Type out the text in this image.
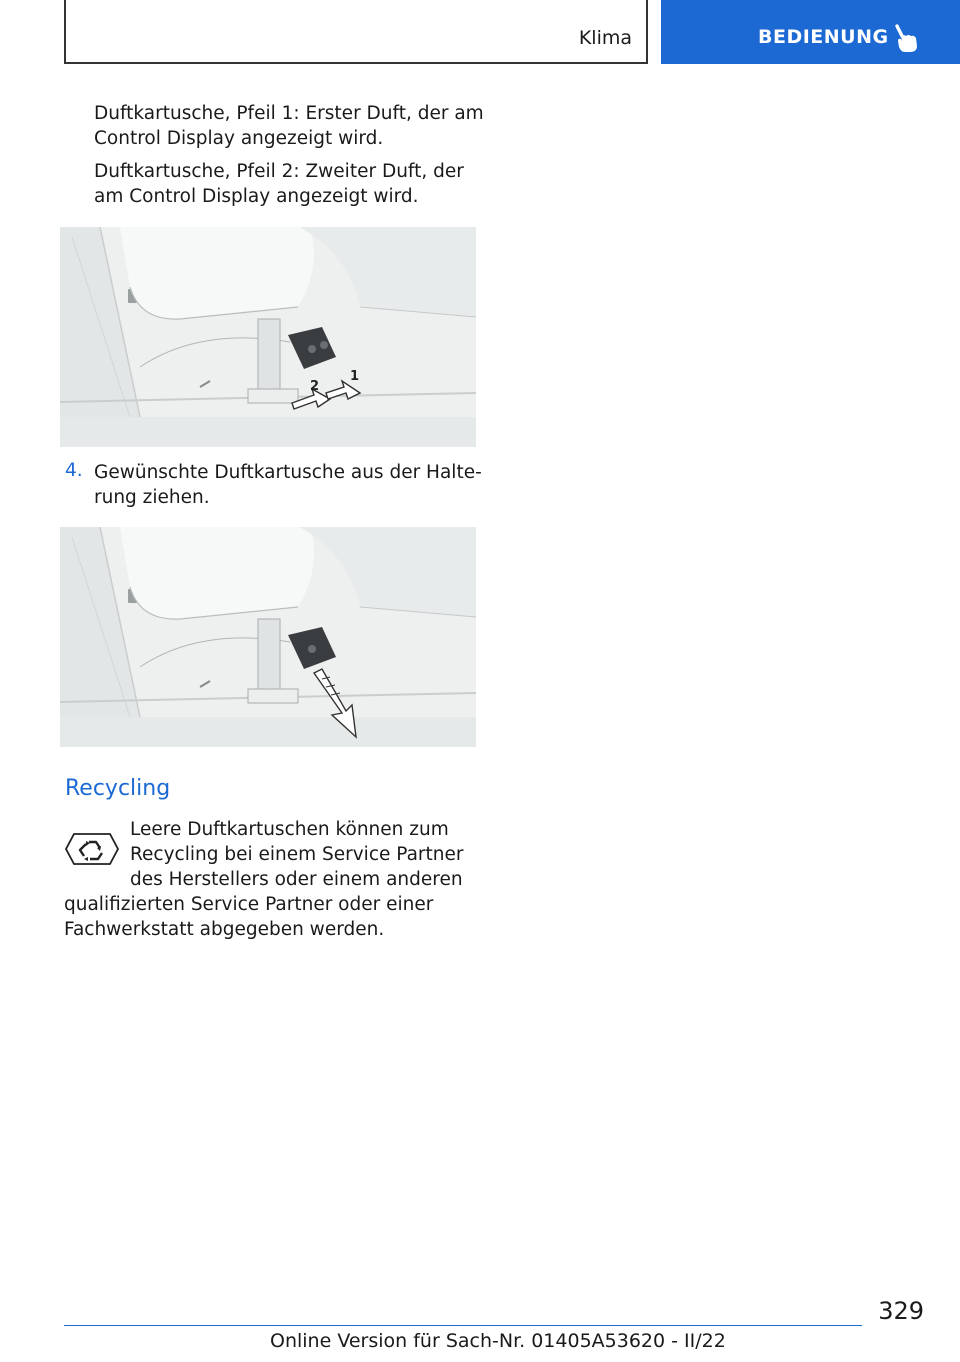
Klima	BEDIENUNG

Duftkartusche, Pfeil 1: Erster Duft, der am Control Display angezeigt wird.

Duftkartusche, Pfeil 2: Zweiter Duft, der am Control Display angezeigt wird.

2
1
4. Gewünschte Duftkartusche aus der Halterung ziehen.

Recycling

Leere Duftkartuschen können zum Recycling bei einem Service Partner des Herstellers oder einem anderen qualifizierten Service Partner oder einer Fachwerkstatt abgegeben werden.

329
Online Version für Sach-Nr. 01405A53620 - II/22
